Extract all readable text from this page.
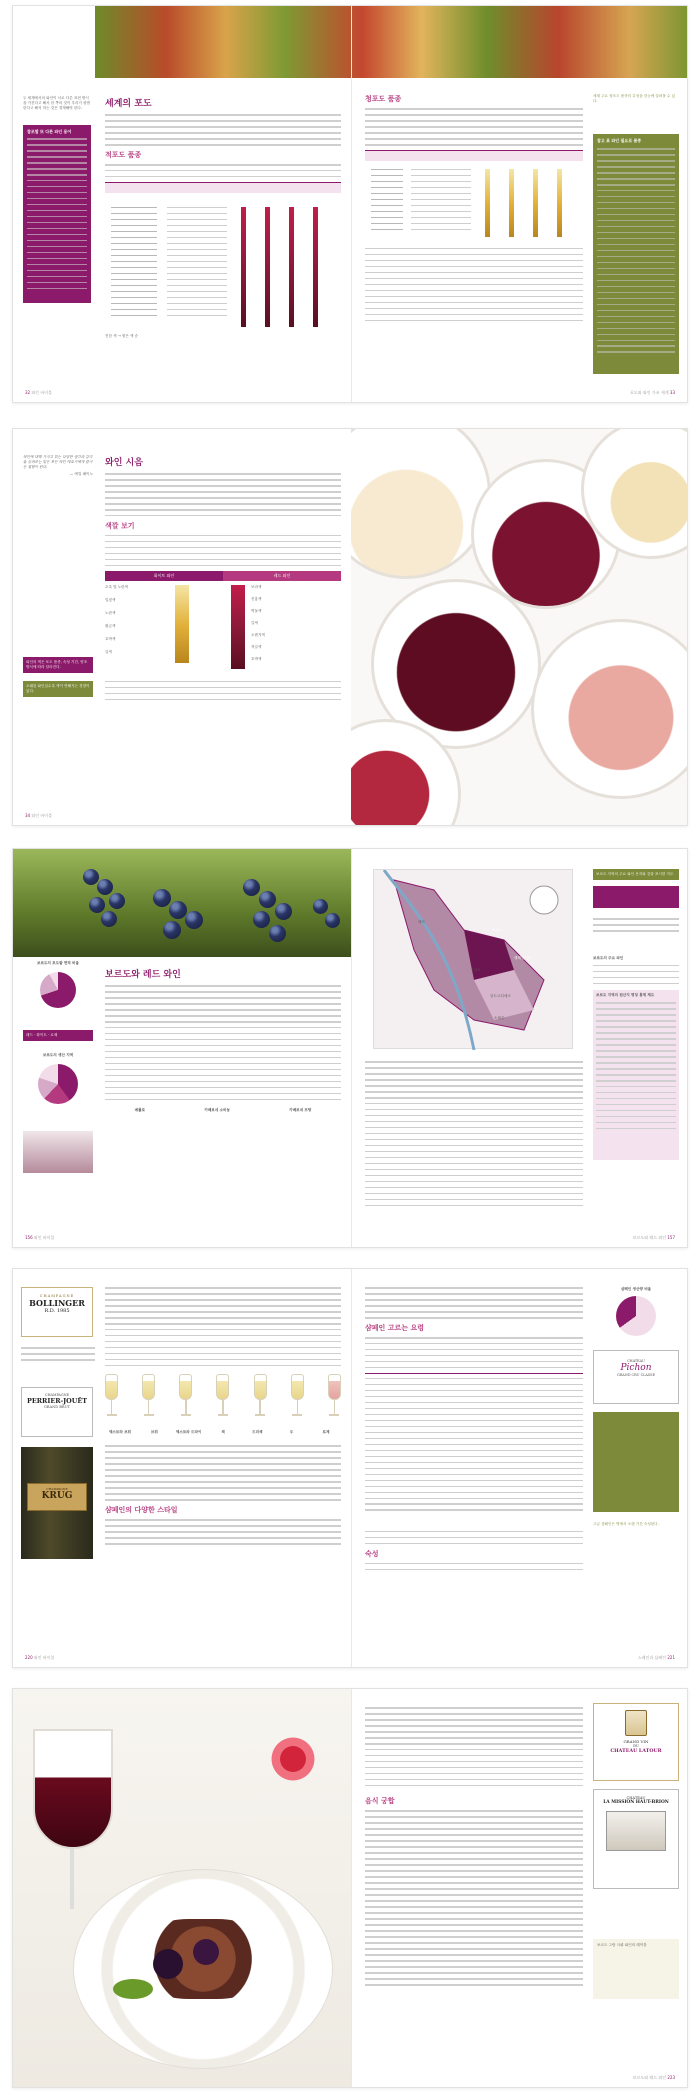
두 세계에서의 와인이 서로 다른 표현 방식을 가진다고 해서 한 쪽의 것이 우리가 평범한다고 해석 하는 것은 경계해야 한다.
참조할 또 다른 와인 용어
세계의 포도
적포도 품종
진한 색 → 옅은 색 순
32 와인 바이블
청포도 품종	세계 주요 청포도 품종의 특성을 한눈에 살펴볼 수 있다.
참고 표 와인 필요로 품종
포도와 와인 가조 세계 33
와인에 대해 가지고 있는 다양한 생각과 감각을 살펴보는 일은 모든 와인 애호가에게 즐거운 경험이 된다.
— 에밀 페이노
와인의 색은 포도 품종, 숙성 기간, 양조 방식에 따라 달라진다.
오래된 와인일수록 색이 연해지는 경향이 있다.
와인 시음
색깔 보기
화이트 와인
초록 빛 노란색
밀짚색
노란색
황금색
호박색
갈색
레드 와인
보라색
진홍색
벽돌색
갈색
오렌지색
적갈색
호박색
34 와인 바이블
보르도의 포도밭 면적 비율
레드 · 화이트 · 로제
보르도의 생산 지역
보르도와 레드 와인
메를로	카베르네 소비뇽	카베르네 프랑
156 와인 바이블
보르도
메독
생테밀리옹
그라브
앙트르되메르
소테른
보르도 지역의 주요 와인 산지와 강을 표시한 지도
보르도의 주요 와인
보르도 지역의 원산지 명칭 통제 제도
보르도와 레드 와인 157
CHAMPAGNE
BOLLINGER
R.D. 1985
CHAMPAGNE
PERRIER-JOUËT
GRAND BRUT
CHAMPAGNE
KRUG
엑스트라 브뤼	브뤼	엑스트라 드라이	섹	드미섹	두	로제
샴페인의 다양한 스타일
220 와인 바이블
샴페인 고르는 요령
숙성
샴페인 생산량 비율
CHATEAU
Pichon
GRAND CRU CLASSE
고급 샴페인은 병에서 오랜 기간 숙성된다.
스페인과 샴페인 221
음식 궁합
GRAND VIN
DU
CHATEAU LATOUR
CHATEAU
LA MISSION HAUT-BRION
보르도 그랑 크뤼 와인의 레이블
보르도와 레드 와인 223
